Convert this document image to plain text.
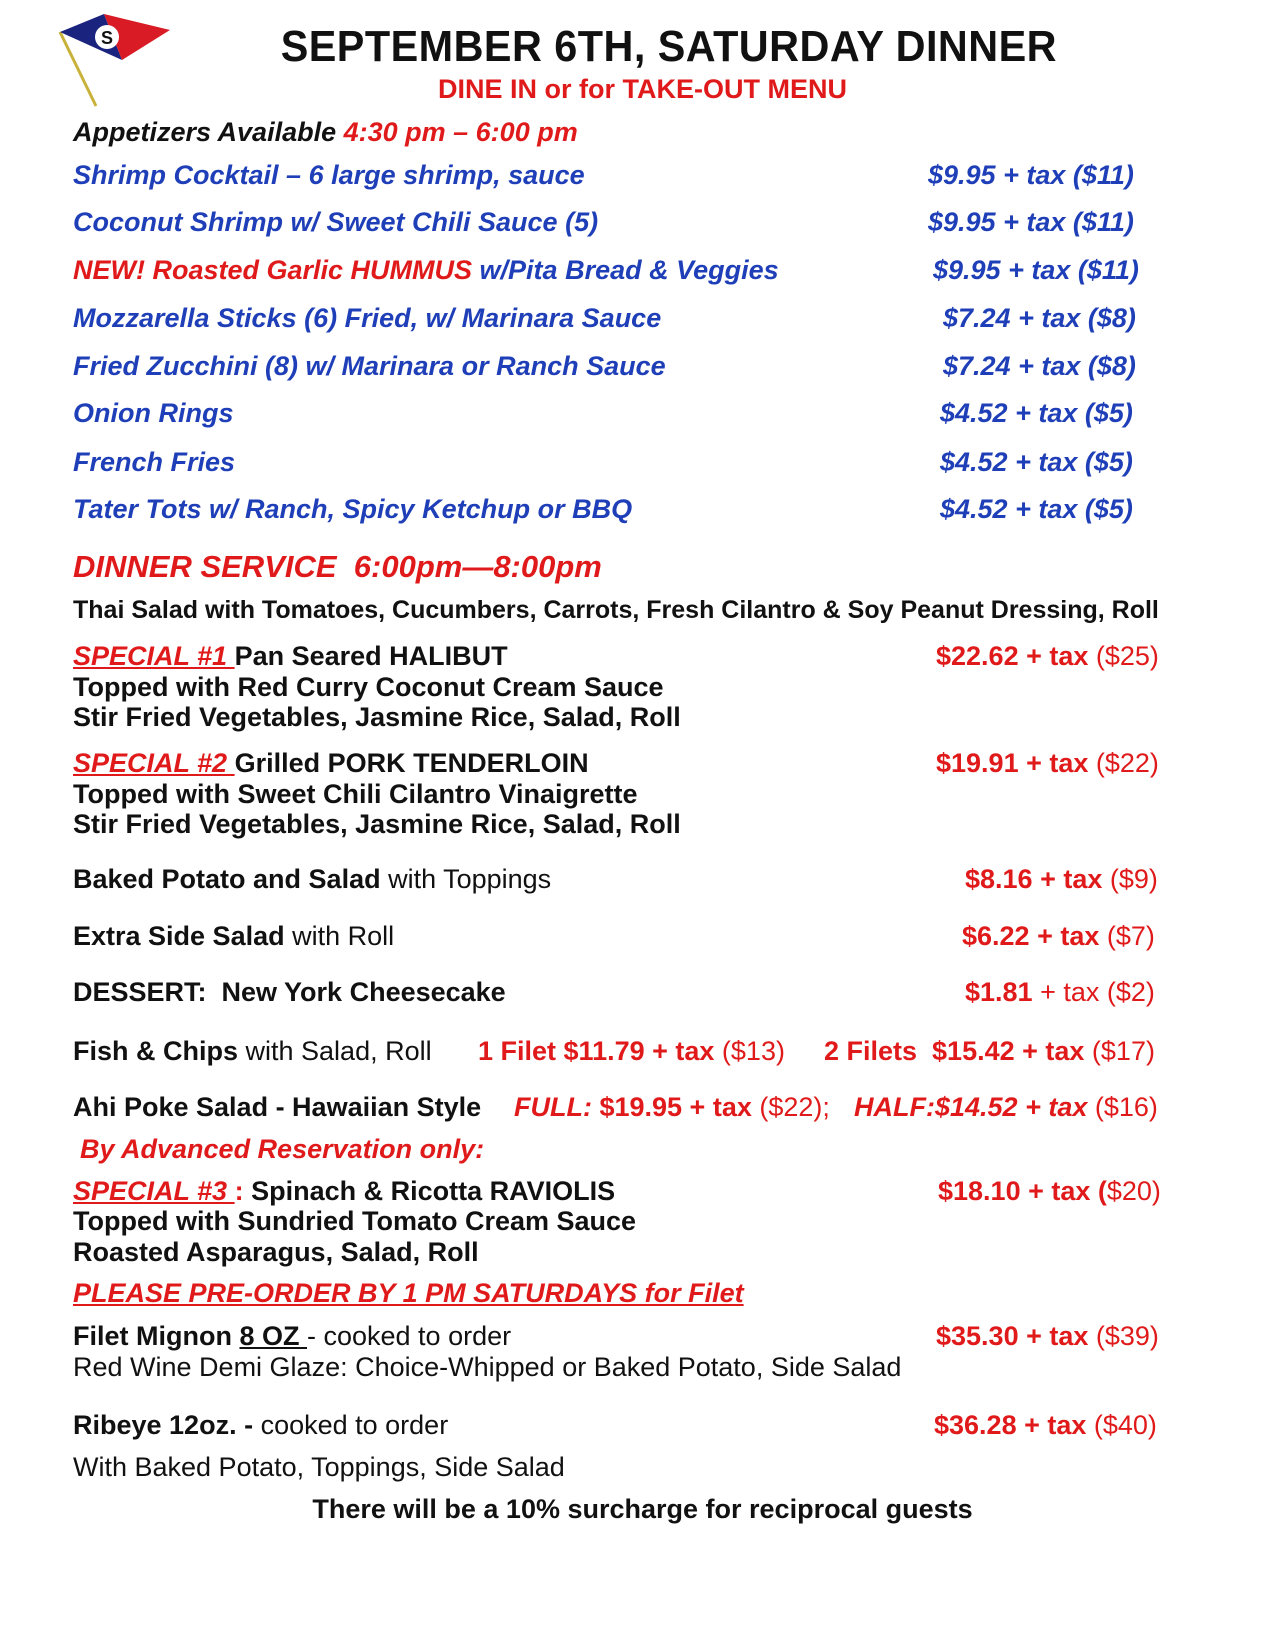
S	SEPTEMBER 6TH, SATURDAY DINNER
DINE IN or for TAKE-OUT MENU
Appetizers Available 4:30 pm – 6:00 pm
Shrimp Cocktail – 6 large shrimp, sauce	$9.95 + tax ($11)
Coconut Shrimp w/ Sweet Chili Sauce (5)	$9.95 + tax ($11)
NEW! Roasted Garlic HUMMUS w/Pita Bread & Veggies	$9.95 + tax ($11)
Mozzarella Sticks (6) Fried, w/ Marinara Sauce	$7.24 + tax ($8)
Fried Zucchini (8) w/ Marinara or Ranch Sauce	$7.24 + tax ($8)
Onion Rings	$4.52 + tax ($5)
French Fries	$4.52 + tax ($5)
Tater Tots w/ Ranch, Spicy Ketchup or BBQ	$4.52 + tax ($5)
DINNER SERVICE  6:00pm—8:00pm
Thai Salad with Tomatoes, Cucumbers, Carrots, Fresh Cilantro & Soy Peanut Dressing, Roll
SPECIAL #1 Pan Seared HALIBUT	$22.62 + tax ($25)
Topped with Red Curry Coconut Cream Sauce
Stir Fried Vegetables, Jasmine Rice, Salad, Roll
SPECIAL #2 Grilled PORK TENDERLOIN	$19.91 + tax ($22)
Topped with Sweet Chili Cilantro Vinaigrette
Stir Fried Vegetables, Jasmine Rice, Salad, Roll
Baked Potato and Salad with Toppings	$8.16 + tax ($9)
Extra Side Salad with Roll	$6.22 + tax ($7)
DESSERT:  New York Cheesecake	$1.81 + tax ($2)
Fish & Chips with Salad, Roll 1 Filet $11.79 + tax ($13) 2 Filets  $15.42 + tax ($17)
Ahi Poke Salad - Hawaiian Style FULL: $19.95 + tax ($22); HALF:$14.52 + tax ($16)
By Advanced Reservation only:
SPECIAL #3 : Spinach & Ricotta RAVIOLIS	$18.10 + tax ($20)
Topped with Sundried Tomato Cream Sauce
Roasted Asparagus, Salad, Roll
PLEASE PRE-ORDER BY 1 PM SATURDAYS for Filet
Filet Mignon 8 OZ - cooked to order	$35.30 + tax ($39)
Red Wine Demi Glaze: Choice-Whipped or Baked Potato, Side Salad
Ribeye 12oz. - cooked to order	$36.28 + tax ($40)
With Baked Potato, Toppings, Side Salad
There will be a 10% surcharge for reciprocal guests
